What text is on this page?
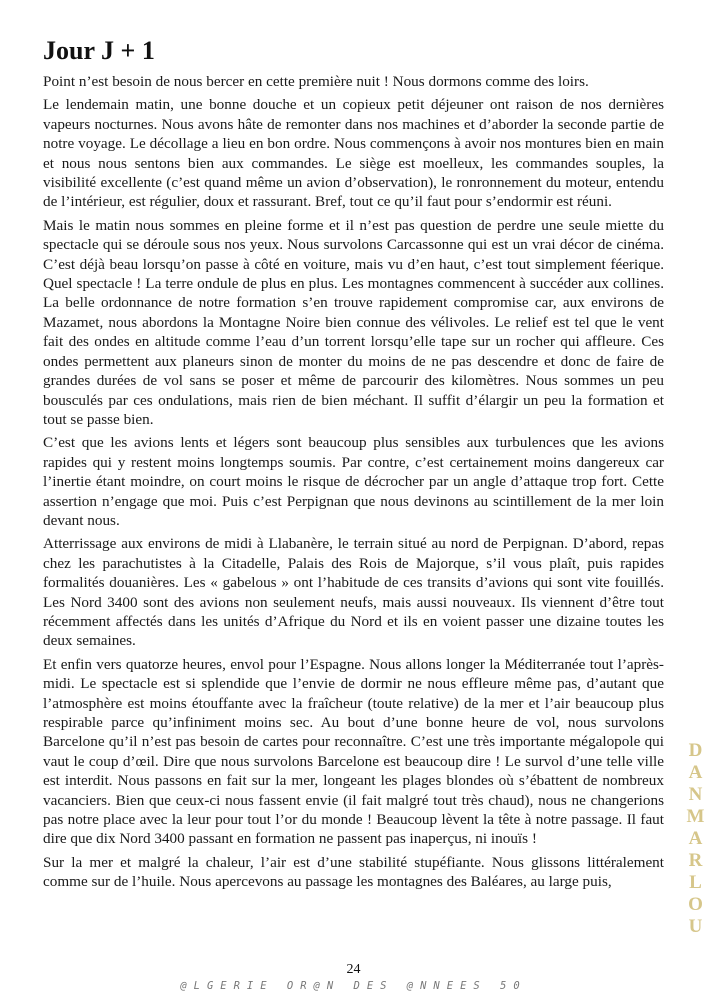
Jour J + 1

Point n’est besoin de nous bercer en cette première nuit ! Nous dormons comme des loirs.

Le lendemain matin, une bonne douche et un copieux petit déjeuner ont raison de nos dernières vapeurs nocturnes. Nous avons hâte de remonter dans nos machines et d’aborder la seconde partie de notre voyage. Le décollage a lieu en bon ordre. Nous commençons à avoir nos montures bien en main et nous nous sentons bien aux commandes. Le siège est moelleux, les commandes souples, la visibilité excellente (c’est quand même un avion d’observation), le ronronnement du moteur, entendu de l’intérieur, est régulier, doux et rassurant. Bref, tout ce qu’il faut pour s’endormir est réuni.

Mais le matin nous sommes en pleine forme et il n’est pas question de perdre une seule miette du spectacle qui se déroule sous nos yeux. Nous survolons Carcassonne qui est un vrai décor de cinéma. C’est déjà beau lorsqu’on passe à côté en voiture, mais vu d’en haut, c’est tout simplement féerique. Quel spectacle ! La terre ondule de plus en plus. Les montagnes commencent à succéder aux collines. La belle ordonnance de notre formation s’en trouve rapidement compromise car, aux environs de Mazamet, nous abordons la Montagne Noire bien connue des vélivoles. Le relief est tel que le vent fait des ondes en altitude comme l’eau d’un torrent lorsqu’elle tape sur un rocher qui affleure. Ces ondes permettent aux planeurs sinon de monter du moins de ne pas descendre et donc de faire de grandes durées de vol sans se poser et même de parcourir des kilomètres. Nous sommes un peu bousculés par ces ondulations, mais rien de bien méchant. Il suffit d’élargir un peu la formation et tout se passe bien.

C’est que les avions lents et légers sont beaucoup plus sensibles aux turbulences que les avions rapides qui y restent moins longtemps soumis. Par contre, c’est certainement moins dangereux car l’inertie étant moindre, on court moins le risque de décrocher par un angle d’attaque trop fort. Cette assertion n’engage que moi. Puis c’est Perpignan que nous devinons au scintillement de la mer loin devant nous.

Atterrissage aux environs de midi à Llabanère, le terrain situé au nord de Perpignan. D’abord, repas chez les parachutistes à la Citadelle, Palais des Rois de Majorque, s’il vous plaît, puis rapides formalités douanières. Les « gabelous » ont l’habitude de ces transits d’avions qui sont vite fouillés. Les Nord 3400 sont des avions non seulement neufs, mais aussi nouveaux. Ils viennent d’être tout récemment affectés dans les unités d’Afrique du Nord et ils en voient passer une dizaine toutes les deux semaines.

Et enfin vers quatorze heures, envol pour l’Espagne. Nous allons longer la Méditerranée tout l’après-midi. Le spectacle est si splendide que l’envie de dormir ne nous effleure même pas, d’autant que l’atmosphère est moins étouffante avec la fraîcheur (toute relative) de la mer et l’air beaucoup plus respirable parce qu’infiniment moins sec. Au bout d’une bonne heure de vol, nous survolons Barcelone qu’il n’est pas besoin de cartes pour reconnaître. C’est une très importante mégalopole qui vaut le coup d’œil. Dire que nous survolons Barcelone est beaucoup dire ! Le survol d’une telle ville est interdit. Nous passons en fait sur la mer, longeant les plages blondes où s’ébattent de nombreux vacanciers. Bien que ceux-ci nous fassent envie (il fait malgré tout très chaud), nous ne changerions pas notre place avec la leur pour tout l’or du monde ! Beaucoup lèvent la tête à notre passage. Il faut dire que dix Nord 3400 passant en formation ne passent pas inaperçus, ni inouïs !

Sur la mer et malgré la chaleur, l’air est d’une stabilité stupéfiante. Nous glissons littéralement comme sur de l’huile. Nous apercevons au passage les montagnes des Baléares, au large puis,

24
@LGERIE OR@N DES @NNEES 50
DANMARLOU
